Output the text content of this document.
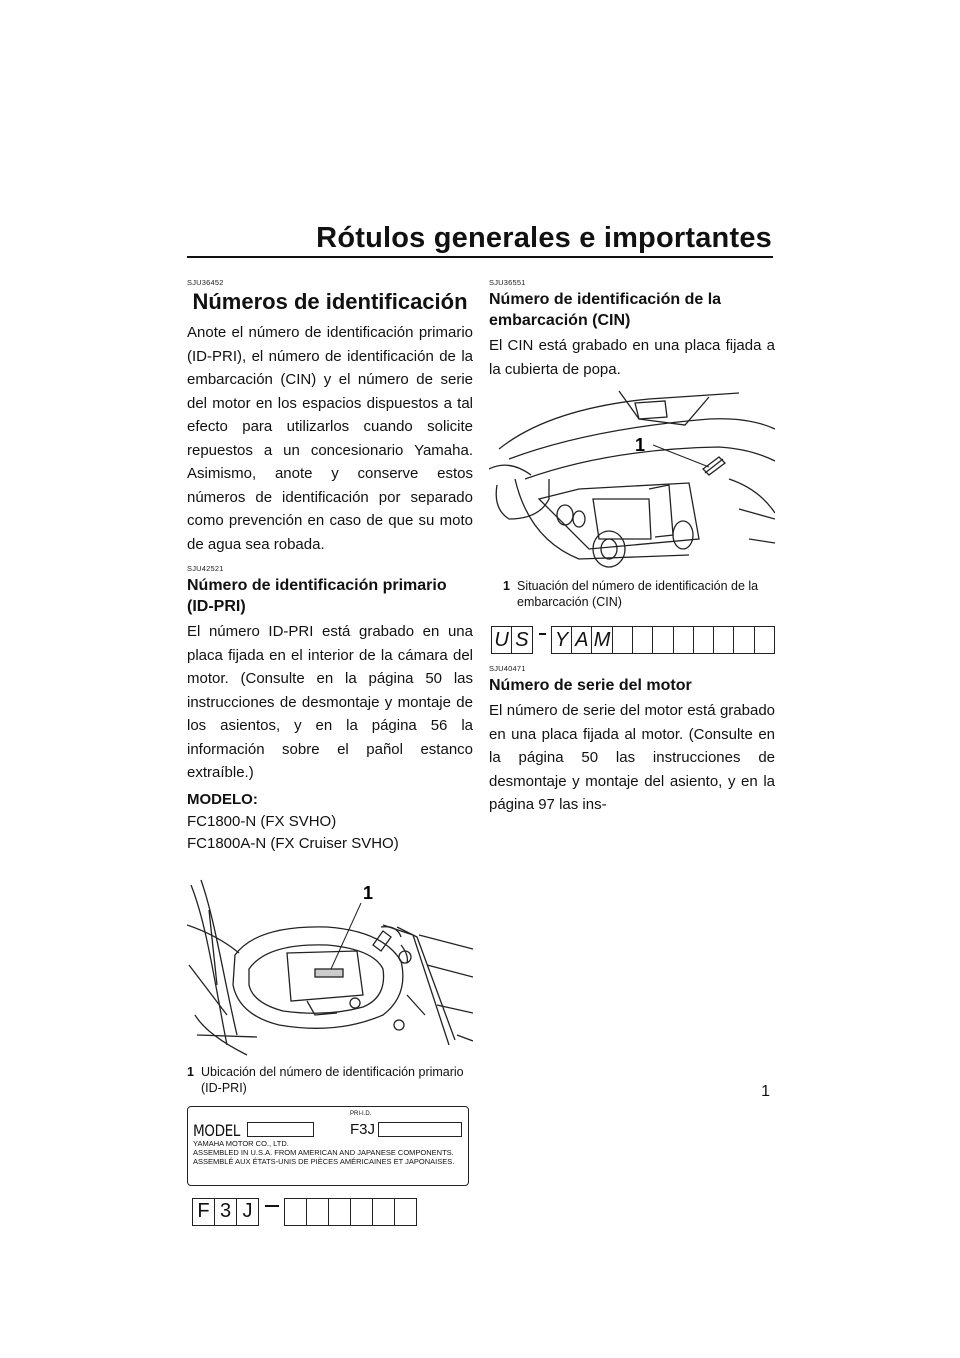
Rótulos generales e importantes
SJU36452
Números de identificación

Anote el número de identificación primario (ID-PRI), el número de identificación de la embarcación (CIN) y el número de serie del motor en los espacios dispuestos a tal efecto para utilizarlos cuando solicite repuestos a un concesionario Yamaha. Asimismo, anote y conserve estos números de identificación por separado como prevención en caso de que su moto de agua sea robada.

SJU42521
Número de identificación primario (ID-PRI)

El número ID-PRI está grabado en una placa fijada en el interior de la cámara del motor. (Consulte en la página 50 las instrucciones de desmontaje y montaje de los asientos, y en la página 56 la información sobre el pañol estanco extraíble.)

MODELO:
FC1800-N (FX SVHO)
FC1800A-N (FX Cruiser SVHO)
1
1 Ubicación del número de identificación primario (ID-PRI)
PRI-I.D.
MODEL	F3J
YAMAHA MOTOR CO., LTD.
ASSEMBLED IN U.S.A. FROM AMERICAN AND JAPANESE COMPONENTS.
ASSEMBLÉ AUX ÉTATS-UNIS DE PIÈCES AMÉRICAINES ET JAPONAISES.
F 3 J
SJU36551
Número de identificación de la embarcación (CIN)

El CIN está grabado en una placa fijada a la cubierta de popa.

1
1 Situación del número de identificación de la embarcación (CIN)
U S Y A M
SJU40471
Número de serie del motor

El número de serie del motor está grabado en una placa fijada al motor. (Consulte en la página 50 las instrucciones de desmontaje y montaje del asiento, y en la página 97 las ins-

1
